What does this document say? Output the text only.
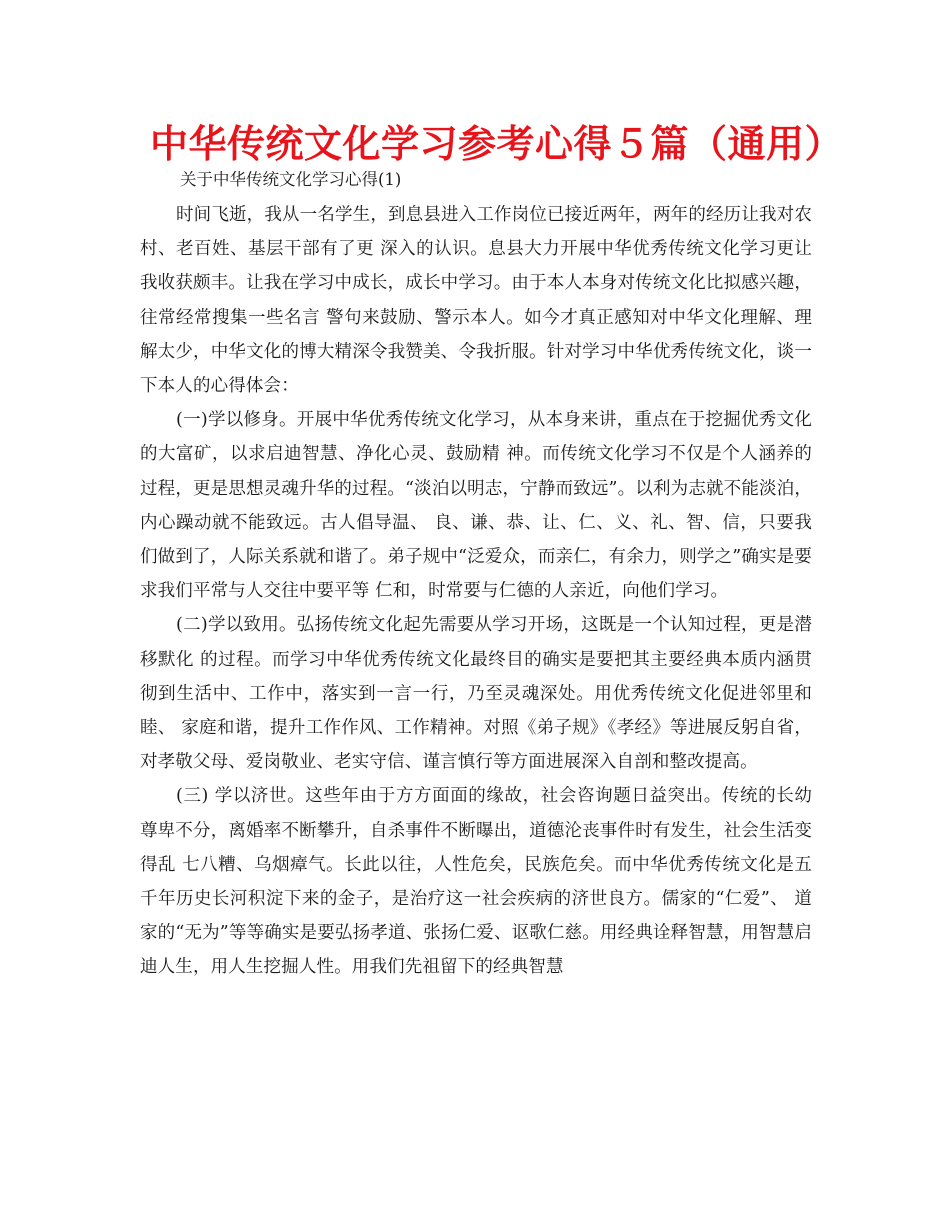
中华传统文化学习参考心得５篇（通用）

关于中华传统文化学习心得(1)

时间飞逝，我从一名学生，到息县进入工作岗位已接近两年，两年的经历让我对农村、老百姓、基层干部有了更 深入的认识。息县大力开展中华优秀传统文化学习更让我收获颇丰。让我在学习中成长，成长中学习。由于本人本身对传统文化比拟感兴趣，往常经常搜集一些名言 警句来鼓励、警示本人。如今才真正感知对中华文化理解、理解太少，中华文化的博大精深令我赞美、令我折服。针对学习中华优秀传统文化，谈一下本人的心得体会：

(一)学以修身。开展中华优秀传统文化学习，从本身来讲，重点在于挖掘优秀文化的大富矿，以求启迪智慧、净化心灵、鼓励精 神。而传统文化学习不仅是个人涵养的过程，更是思想灵魂升华的过程。“淡泊以明志，宁静而致远”。以利为志就不能淡泊，内心躁动就不能致远。古人倡导温、 良、谦、恭、让、仁、义、礼、智、信，只要我们做到了，人际关系就和谐了。弟子规中“泛爱众，而亲仁，有余力，则学之”确实是要求我们平常与人交往中要平等 仁和，时常要与仁德的人亲近，向他们学习。

(二)学以致用。弘扬传统文化起先需要从学习开场，这既是一个认知过程，更是潜移默化 的过程。而学习中华优秀传统文化最终目的确实是要把其主要经典本质内涵贯彻到生活中、工作中，落实到一言一行，乃至灵魂深处。用优秀传统文化促进邻里和睦、 家庭和谐，提升工作作风、工作精神。对照《弟子规》《孝经》等进展反躬自省，对孝敬父母、爱岗敬业、老实守信、谨言慎行等方面进展深入自剖和整改提高。

(三) 学以济世。这些年由于方方面面的缘故，社会咨询题日益突出。传统的长幼尊卑不分，离婚率不断攀升，自杀事件不断曝出，道德沦丧事件时有发生，社会生活变得乱 七八糟、乌烟瘴气。长此以往，人性危矣，民族危矣。而中华优秀传统文化是五千年历史长河积淀下来的金子，是治疗这一社会疾病的济世良方。儒家的“仁爱”、 道家的“无为”等等确实是要弘扬孝道、张扬仁爱、讴歌仁慈。用经典诠释智慧，用智慧启迪人生，用人生挖掘人性。用我们先祖留下的经典智慧
